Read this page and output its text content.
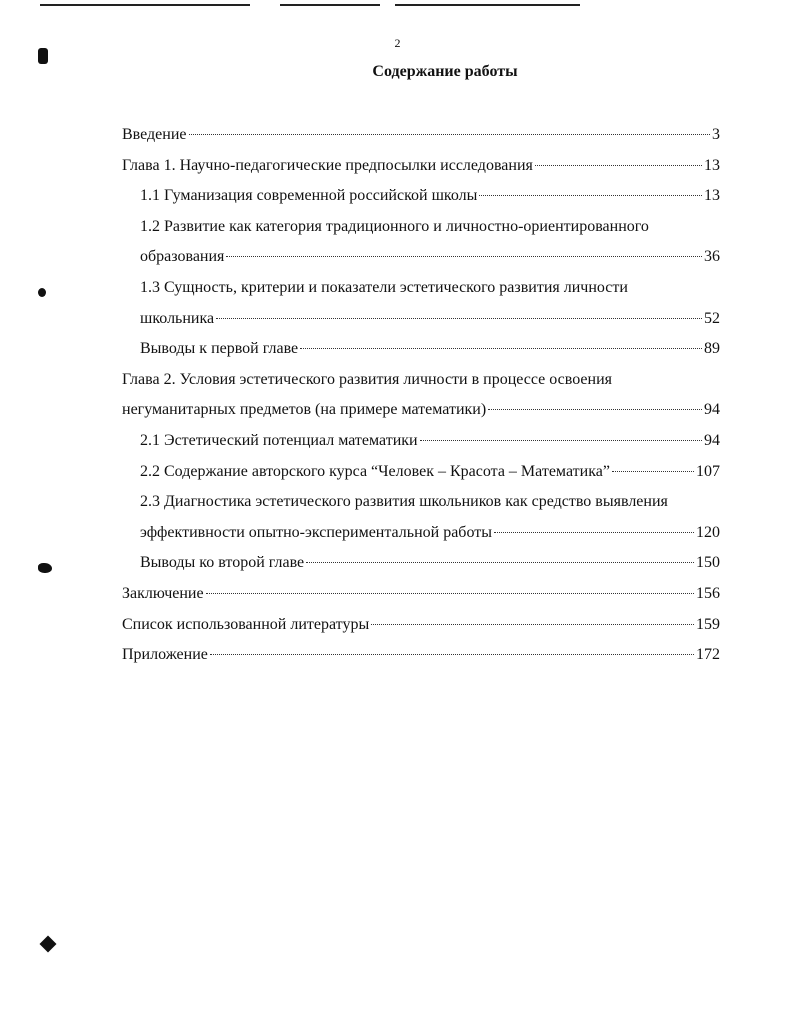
2
Содержание работы
Введение	3
Глава 1. Научно-педагогические предпосылки исследования	13
1.1 Гуманизация современной российской школы	13
1.2 Развитие как категория традиционного и личностно-ориентированного
образования	36
1.3 Сущность, критерии и показатели эстетического развития личности
школьника	52
Выводы к первой главе	89
Глава 2. Условия эстетического развития личности в процессе освоения
негуманитарных предметов (на примере математики)	94
2.1 Эстетический потенциал математики	94
2.2 Содержание авторского курса “Человек – Красота – Математика”	107
2.3 Диагностика эстетического развития школьников как средство выявления
эффективности опытно-экспериментальной работы	120
Выводы ко второй главе	150
Заключение	156
Список использованной литературы	159
Приложение	172
